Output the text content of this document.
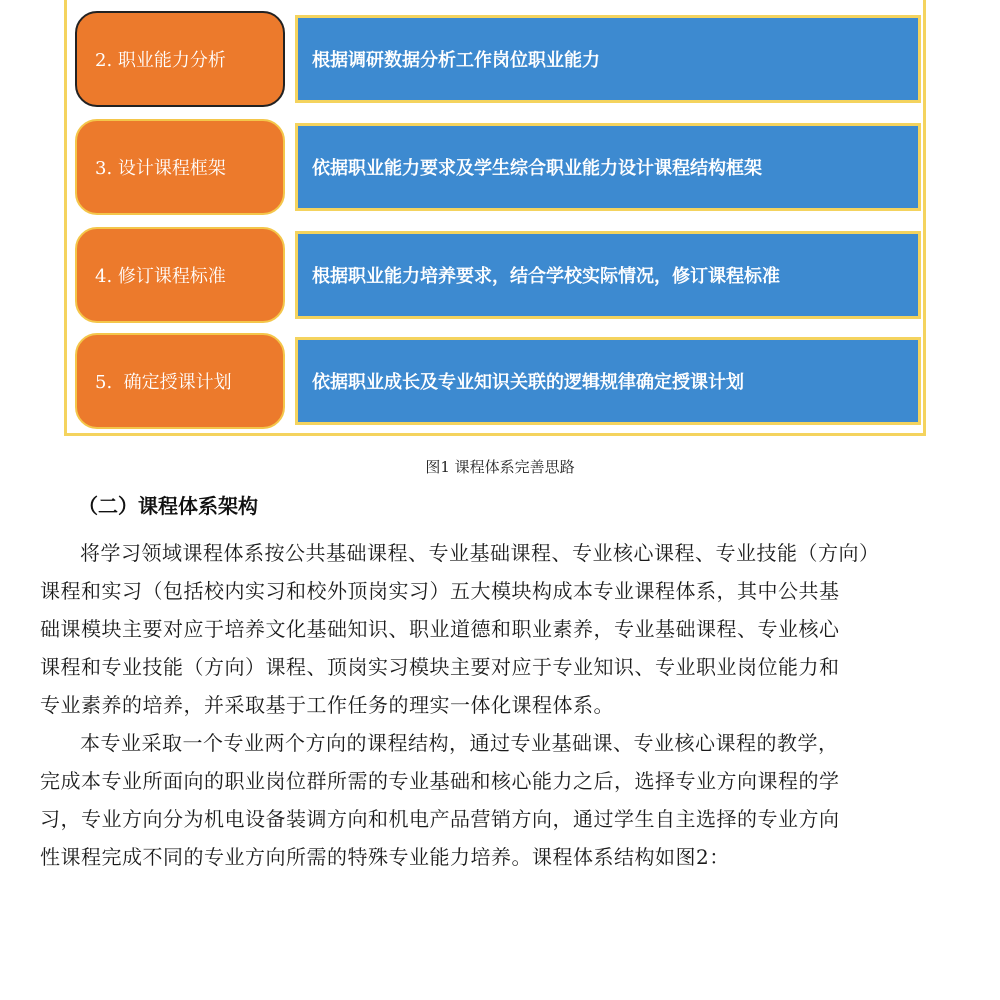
2. 职业能力分析	根据调研数据分析工作岗位职业能力
3. 设计课程框架	依据职业能力要求及学生综合职业能力设计课程结构框架
4. 修订课程标准	根据职业能力培养要求，结合学校实际情况，修订课程标准
5.  确定授课计划	依据职业成长及专业知识关联的逻辑规律确定授课计划
图1 课程体系完善思路
（二）课程体系架构
将学习领域课程体系按公共基础课程、专业基础课程、专业核心课程、专业技能（方向）
课程和实习（包括校内实习和校外顶岗实习）五大模块构成本专业课程体系，其中公共基
础课模块主要对应于培养文化基础知识、职业道德和职业素养，专业基础课程、专业核心
课程和专业技能（方向）课程、顶岗实习模块主要对应于专业知识、专业职业岗位能力和
专业素养的培养，并采取基于工作任务的理实一体化课程体系。
本专业采取一个专业两个方向的课程结构，通过专业基础课、专业核心课程的教学，
完成本专业所面向的职业岗位群所需的专业基础和核心能力之后，选择专业方向课程的学
习，专业方向分为机电设备装调方向和机电产品营销方向，通过学生自主选择的专业方向
性课程完成不同的专业方向所需的特殊专业能力培养。课程体系结构如图2：
